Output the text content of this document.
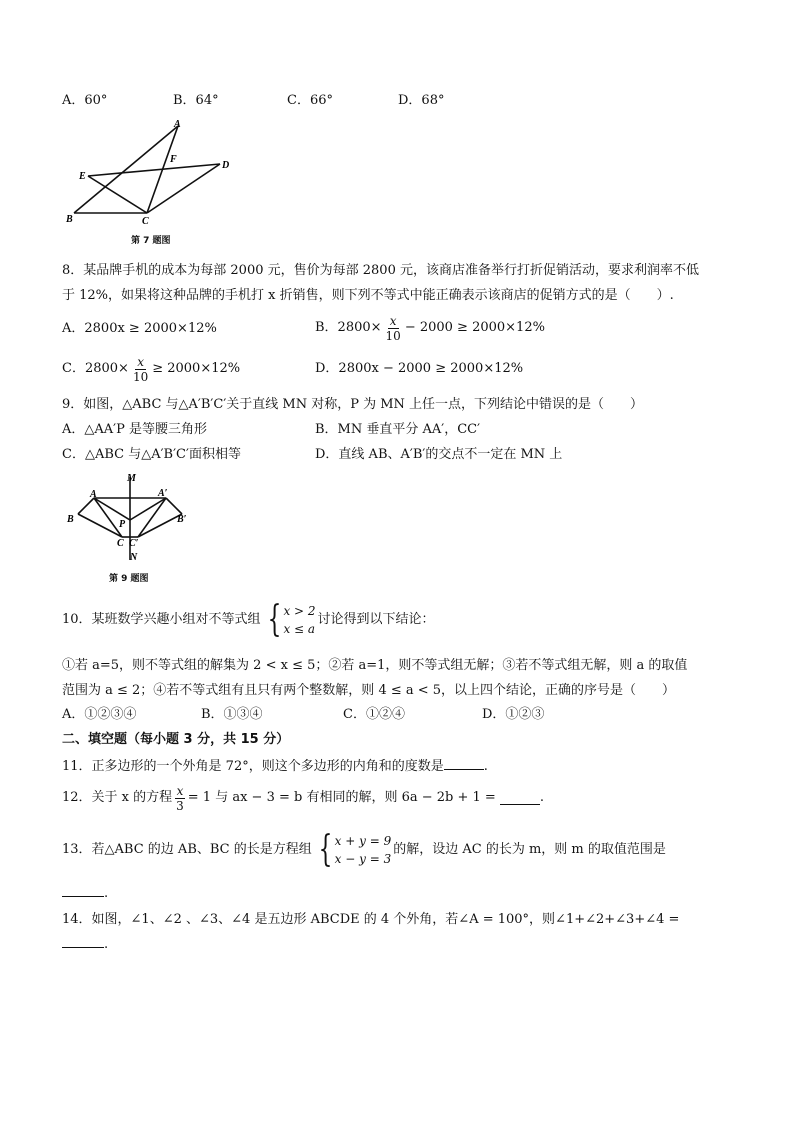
A．60°	B．64°	C．66°	D．68°
A
F
D
E
B	C
第 7 题图
8．某品牌手机的成本为每部 2000 元，售价为每部 2800 元，该商店准备举行打折促销活动，要求利润率不低
于 12%，如果将这种品牌的手机打 x 折销售，则下列不等式中能正确表示该商店的促销方式的是（　　）.
A．2800x ≥ 2000×12%	B．$2800\times \frac{x}{10} - 2000 \ge 2000\times 12\%$
C．$2800\times \frac{x}{10} \ge 2000\times 12\%$	D．2800x − 2000 ≥ 2000×12%
9．如图，△ABC 与△A′B′C′关于直线 MN 对称，P 为 MN 上任一点，下列结论中错误的是（　　）
A．△AA′P 是等腰三角形	B．MN 垂直平分 AA′，CC′
C．△ABC 与△A′B′C′面积相等	D．直线 AB、A′B′的交点不一定在 MN 上
M
A	A′
B	B′
P
C C′
N
第 9 题图
10．某班数学兴趣小组对不等式组 { x > 2
x ≤ a
讨论得到以下结论：
①若 a=5，则不等式组的解集为 2 < x ≤ 5；②若 a=1，则不等式组无解；③若不等式组无解，则 a 的取值
范围为 a ≤ 2；④若不等式组有且只有两个整数解，则 4 ≤ a < 5，以上四个结论，正确的序号是（　　）
A．①②③④	B．①③④	C．①②④	D．①②③
二、填空题（每小题 3 分，共 15 分）
11．正多边形的一个外角是 72°，则这个多边形的内角和的度数是	.
12．关于 x 的方程 $\frac{x}{3} = 1$ 与 ax − 3 = b 有相同的解，则 6a − 2b + 1 =	.
13．若△ABC 的边 AB、BC 的长是方程组 { x + y = 9
x − y = 3
的解，设边 AC 的长为 m，则 m 的取值范围是
.
14．如图，∠1、∠2 、∠3、∠4 是五边形 ABCDE 的 4 个外角，若∠A = 100°，则∠1+∠2+∠3+∠4 =
.
